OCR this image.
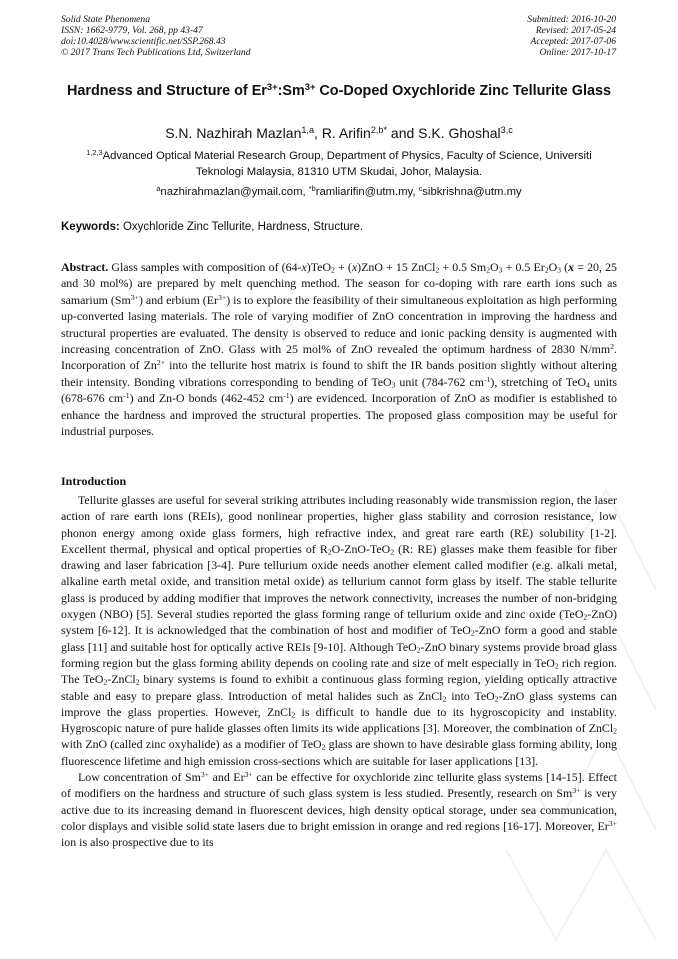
Solid State Phenomena
ISSN: 1662-9779, Vol. 268, pp 43-47
doi:10.4028/www.scientific.net/SSP.268.43
© 2017 Trans Tech Publications Ltd, Switzerland
Submitted: 2016-10-20
Revised: 2017-05-24
Accepted: 2017-07-06
Online: 2017-10-17
Hardness and Structure of $Er^{3+}:Sm^{3+}$ Co-Doped Oxychloride Zinc Tellurite Glass
S.N. Nazhirah Mazlan$^{1,a}$, R. Arifin$^{2,b*}$ and S.K. Ghoshal$^{3,c}$
$^{1,2,3}$Advanced Optical Material Research Group, Department of Physics, Faculty of Science, Universiti Teknologi Malaysia, 81310 UTM Skudai, Johor, Malaysia.
$^a$nazhirahmazlan@ymail.com, $^{*b}$ramliarifin@utm.my, $^c$sibkrishna@utm.my
Keywords: Oxychloride Zinc Tellurite, Hardness, Structure.
Abstract. Glass samples with composition of (64-x)TeO$_2$ + (x)ZnO + 15 ZnCl$_2$ + 0.5 $Sm_2O_3 + 0.5$ $Er_2O_3$ (x = 20, 25 and 30 mol%) are prepared by melt quenching method. The season for co-doping with rare earth ions such as samarium $(Sm^{3+})$ and erbium $(Er^{3+})$ is to explore the feasibility of their simultaneous exploitation as high performing up-converted lasing materials. The role of varying modifier of ZnO concentration in improving the hardness and structural properties are evaluated. The density is observed to reduce and ionic packing density is augmented with increasing concentration of ZnO. Glass with 25 mol% of ZnO revealed the optimum hardness of 2830 $N/mm^2$. Incorporation of $Zn^{2+}$ into the tellurite host matrix is found to shift the IR bands position slightly without altering their intensity. Bonding vibrations corresponding to bending of TeO$_3$ unit (784-762 $cm^{-1}$), stretching of TeO$_4$ units (678-676 $cm^{-1}$) and Zn-O bonds (462-452 $cm^{-1}$) are evidenced. Incorporation of ZnO as modifier is established to enhance the hardness and improved the structural properties. The proposed glass composition may be useful for industrial purposes.
Introduction

Tellurite glasses are useful for several striking attributes including reasonably wide transmission region, the laser action of rare earth ions (REIs), good nonlinear properties, higher glass stability and corrosion resistance, low phonon energy among oxide glass formers, high refractive index, and great rare earth (RE) solubility [1-2]. Excellent thermal, physical and optical properties of $R_2O-ZnO-TeO_2$ (R: RE) glasses make them feasible for fiber drawing and laser fabrication [3-4]. Pure tellurium oxide needs another element called modifier (e.g. alkali metal, alkaline earth metal oxide, and transition metal oxide) as tellurium cannot form glass by itself. The stable tellurite glass is produced by adding modifier that improves the network connectivity, increases the number of non-bridging oxygen (NBO) [5]. Several studies reported the glass forming range of tellurium oxide and zinc oxide (TeO$_2$-ZnO) system [6-12]. It is acknowledged that the combination of host and modifier of TeO$_2$-ZnO form a good and stable glass [11] and suitable host for optically active REIs [9-10]. Although TeO$_2$-ZnO binary systems provide broad glass forming region but the glass forming ability depends on cooling rate and size of melt especially in TeO$_2$ rich region. The TeO$_2$-ZnCl$_2$ binary systems is found to exhibit a continuous glass forming region, yielding optically attractive stable and easy to prepare glass. Introduction of metal halides such as ZnCl$_2$ into TeO$_2$-ZnO glass systems can improve the glass properties. However, ZnCl$_2$ is difficult to handle due to its hygroscopicity and instablity. Hygroscopic nature of pure halide glasses often limits its wide applications [3]. Moreover, the combination of ZnCl$_2$ with ZnO (called zinc oxyhalide) as a modifier of TeO$_2$ glass are shown to have desirable glass forming ability, long fluorescence lifetime and high emission cross-sections which are suitable for laser applications [13].

Low concentration of $Sm^{3+}$ and $Er^{3+}$ can be effective for oxychloride zinc tellurite glass systems [14-15]. Effect of modifiers on the hardness and structure of such glass system is less studied. Presently, research on $Sm^{3+}$ is very active due to its increasing demand in fluorescent devices, high density optical storage, under sea communication, color displays and visible solid state lasers due to bright emission in orange and red regions [16-17]. Moreover, $Er^{3+}$ ion is also prospective due to its
